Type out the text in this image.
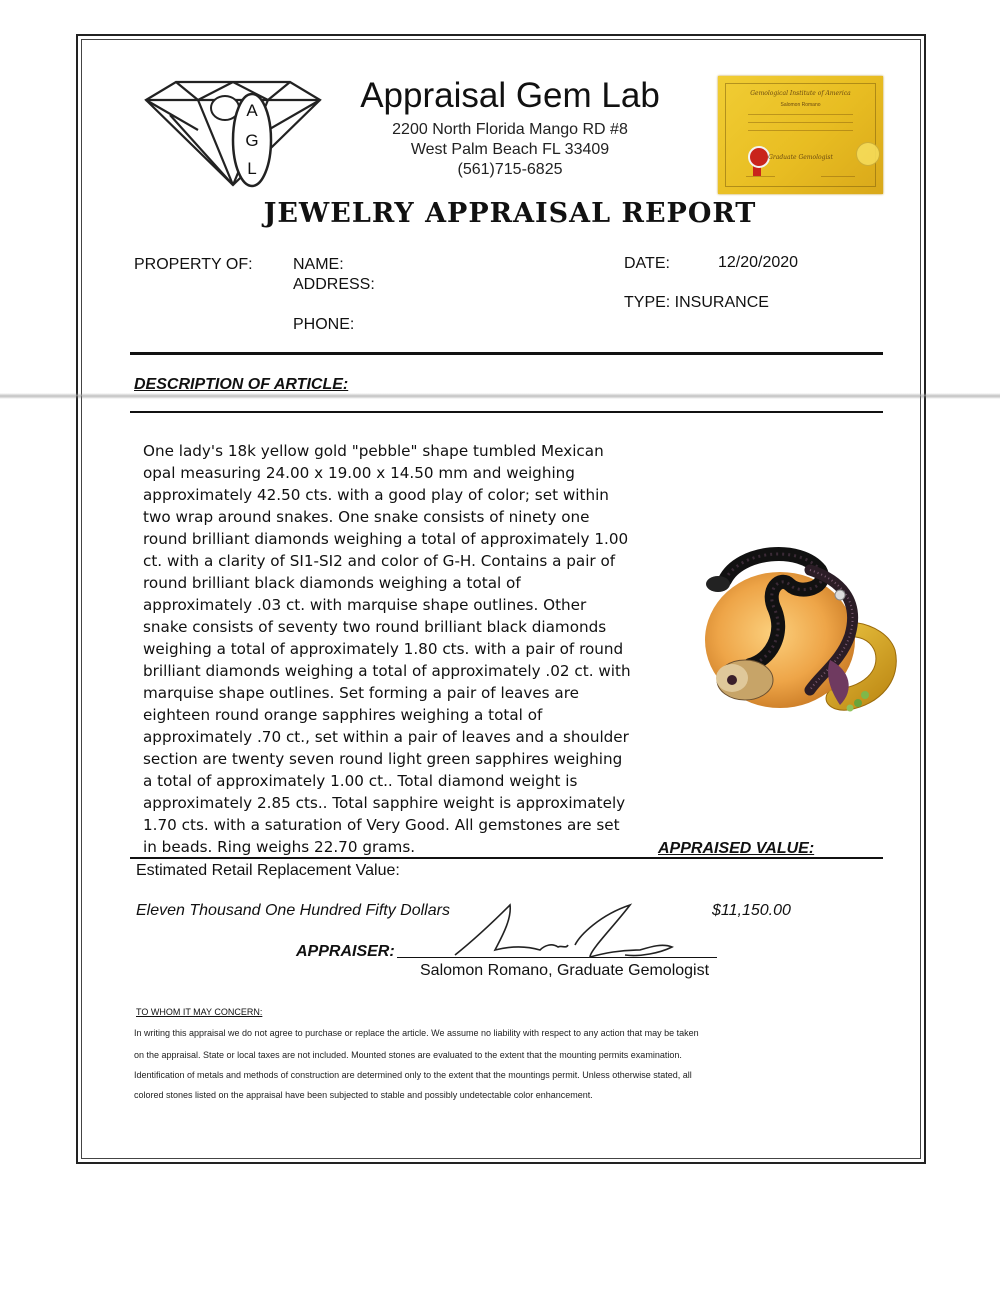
A
G
L
Appraisal Gem Lab
2200 North Florida Mango RD #8
West Palm Beach FL 33409
(561)715-6825
Gemological Institute of America
Salomon Romano
Graduate Gemologist
JEWELRY APPRAISAL REPORT
PROPERTY OF:	NAME:
ADDRESS:
PHONE:
DATE:	12/20/2020
TYPE: INSURANCE
DESCRIPTION OF ARTICLE:
One lady's 18k yellow gold "pebble" shape tumbled Mexican opal measuring 24.00 x 19.00 x 14.50 mm and weighing approximately 42.50 cts. with a good play of color; set within two wrap around snakes. One snake consists of ninety one round brilliant diamonds weighing a total of approximately 1.00 ct. with a clarity of SI1-SI2 and color of G-H. Contains a pair of round brilliant black diamonds weighing a total of approximately .03 ct. with marquise shape outlines. Other snake consists of seventy two round brilliant black diamonds weighing a total of approximately 1.80 cts. with a pair of round brilliant diamonds weighing a total of approximately .02 ct. with marquise shape outlines. Set forming a pair of leaves are eighteen round orange sapphires weighing a total of approximately .70 ct., set within a pair of leaves and a shoulder section are twenty seven round light green sapphires weighing a total of approximately 1.00 ct.. Total diamond weight is approximately 2.85 cts.. Total sapphire weight is approximately 1.70 cts. with a saturation of Very Good. All gemstones are set in beads. Ring weighs 22.70 grams.	APPRAISED VALUE:
Estimated Retail Replacement Value:
Eleven Thousand One Hundred Fifty Dollars	$11,150.00
APPRAISER:
Salomon Romano, Graduate Gemologist
TO WHOM IT MAY CONCERN:
In writing this appraisal we do not agree to purchase or replace the article. We assume no liability with respect to any action that may be taken
on the appraisal. State or local taxes are not included. Mounted stones are evaluated to the extent that the mounting permits examination.
Identification of metals and methods of construction are determined only to the extent that the mountings permit. Unless otherwise stated, all
colored stones listed on the appraisal have been subjected to stable and possibly undetectable color enhancement.
